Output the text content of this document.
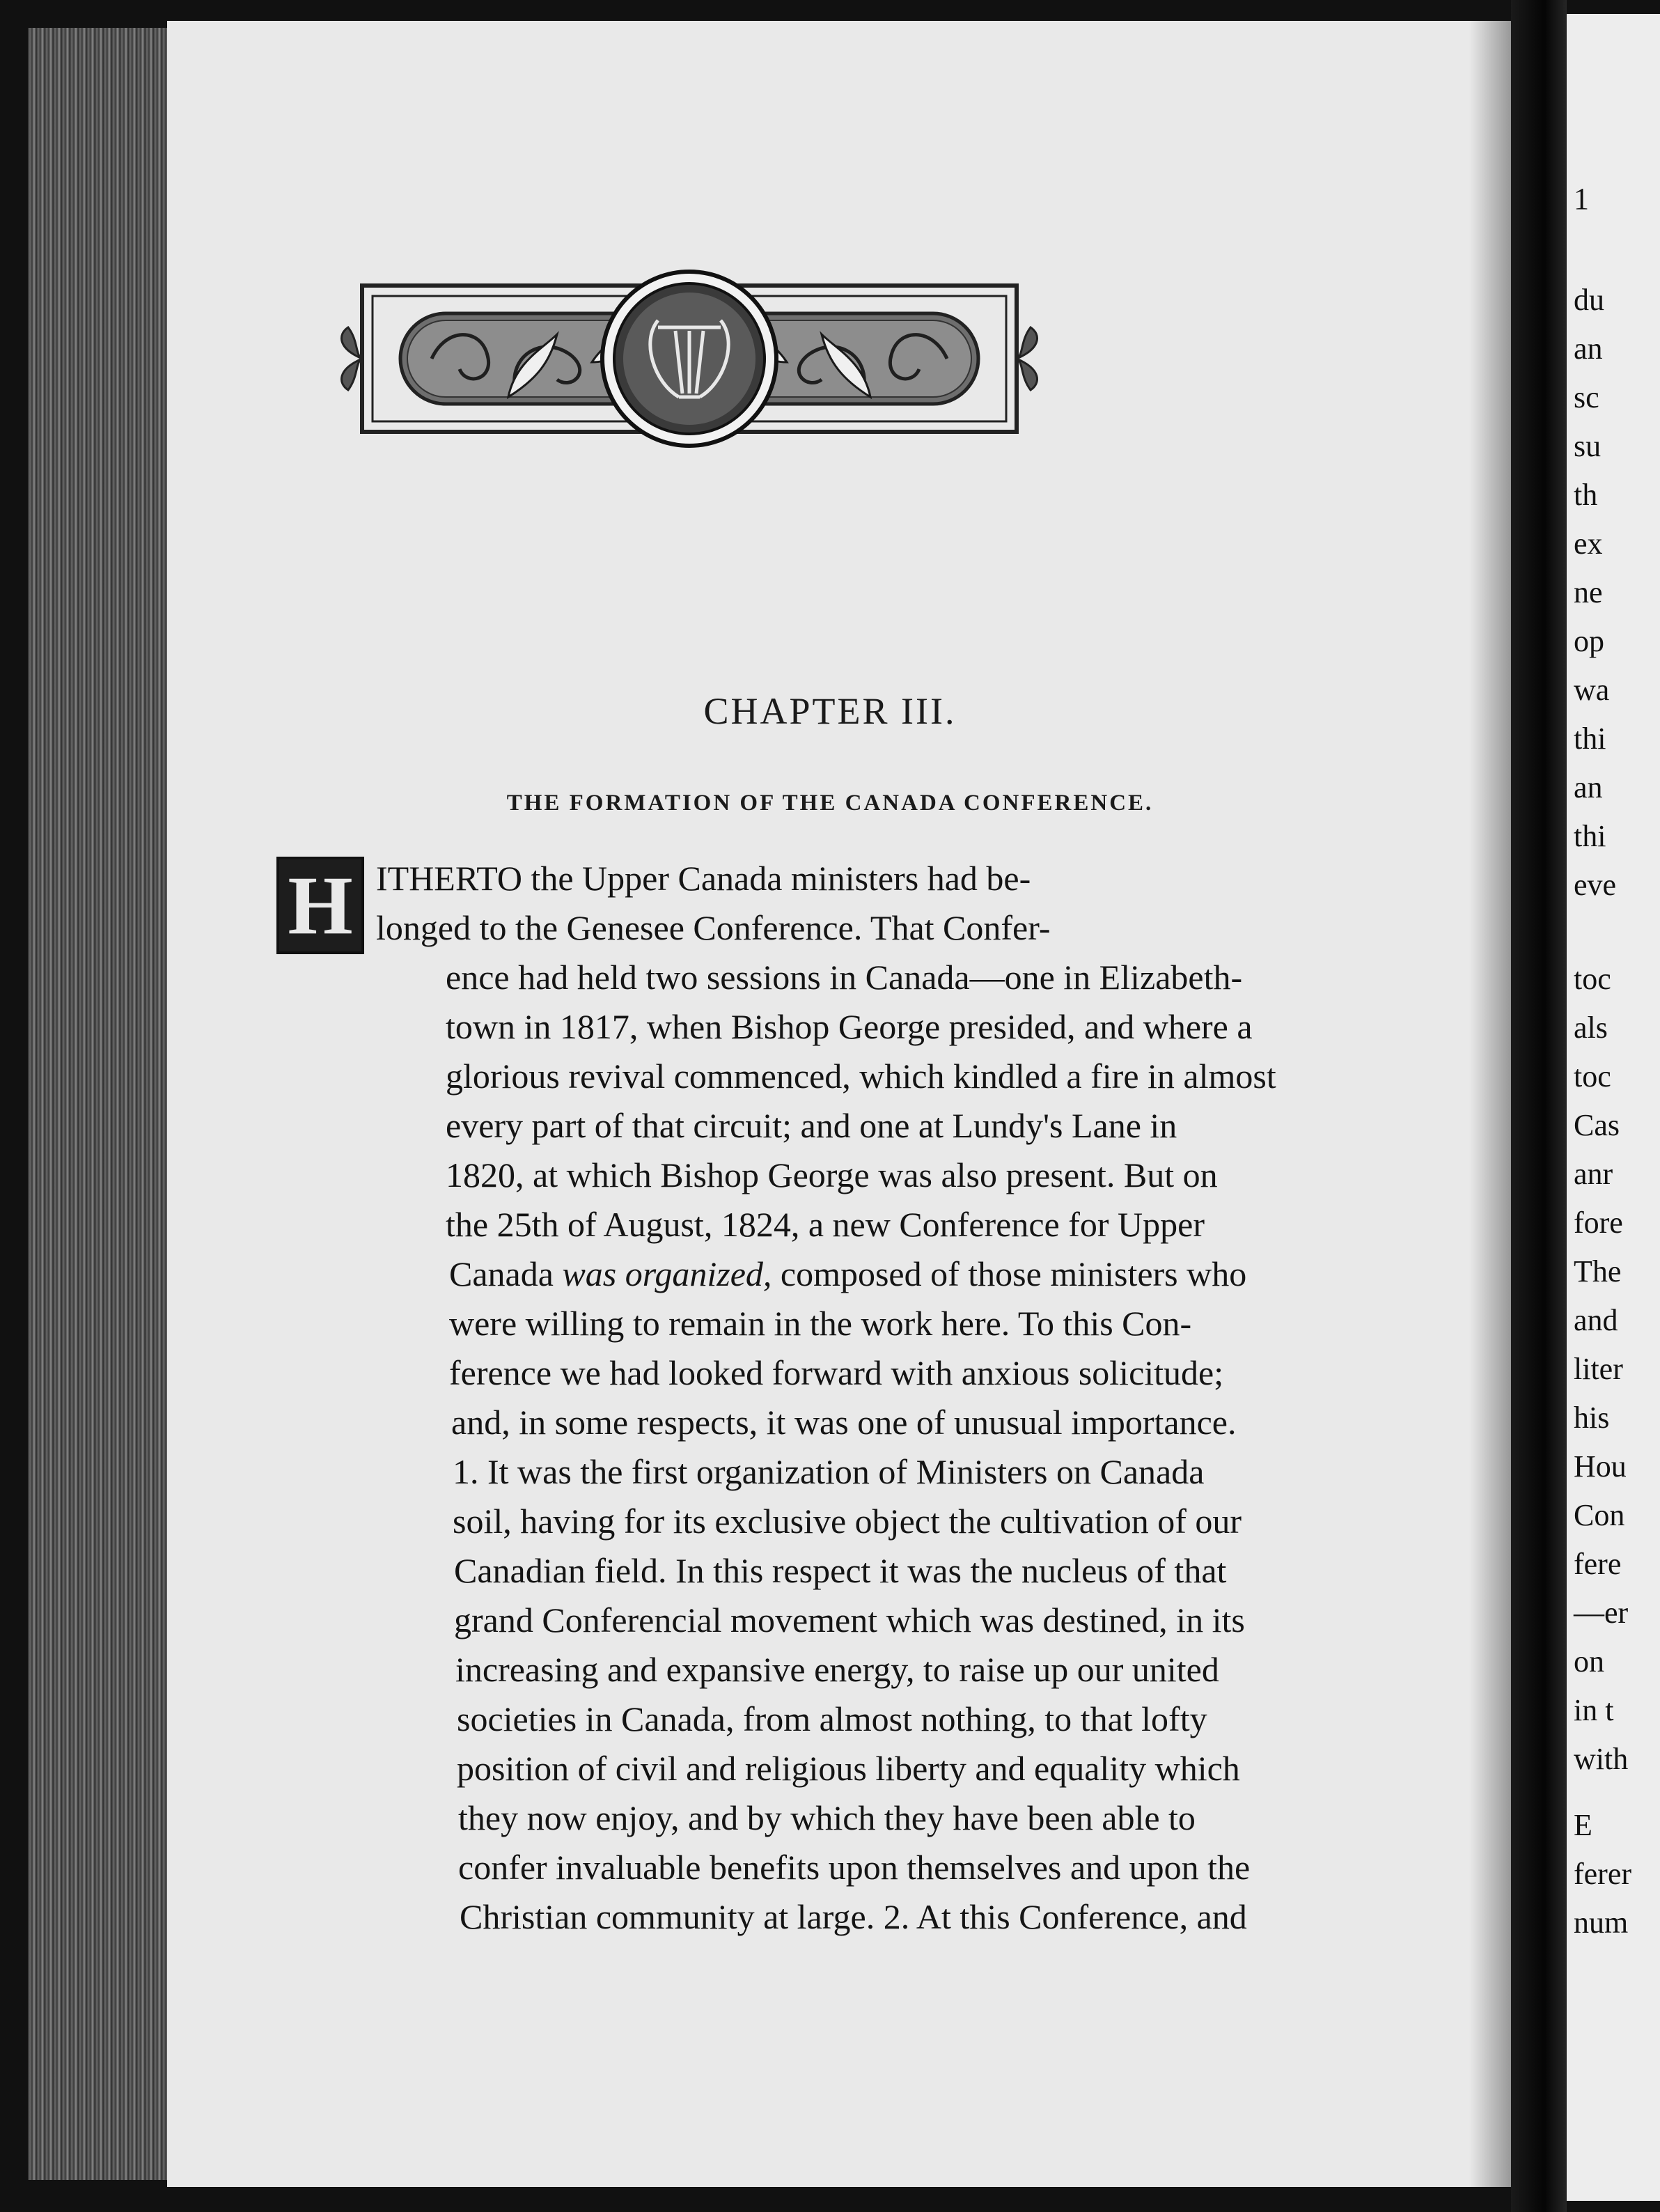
CHAPTER III.
THE FORMATION OF THE CANADA CONFERENCE.
H ITHERTO the Upper Canada ministers had be-
longed to the Genesee Conference. That Confer-
ence had held two sessions in Canada—one in Elizabeth-
town in 1817, when Bishop George presided, and where a
glorious revival commenced, which kindled a fire in almost
every part of that circuit; and one at Lundy's Lane in
1820, at which Bishop George was also present. But on
the 25th of August, 1824, a new Conference for Upper
Canada was organized, composed of those ministers who
were willing to remain in the work here. To this Con-
ference we had looked forward with anxious solicitude;
and, in some respects, it was one of unusual importance.
1. It was the first organization of Ministers on Canada
soil, having for its exclusive object the cultivation of our
Canadian field. In this respect it was the nucleus of that
grand Conferencial movement which was destined, in its
increasing and expansive energy, to raise up our united
societies in Canada, from almost nothing, to that lofty
position of civil and religious liberty and equality which
they now enjoy, and by which they have been able to
confer invaluable benefits upon themselves and upon the
Christian community at large. 2. At this Conference, and
1
du
an
sc
su
th
ex
ne
op
wa
thi
an
thi
eve
toc
als
toc
Cas
anr
fore
The
and
liter
his
Hou
Con
fere
—er
on
in t
with
E
ferer
num
